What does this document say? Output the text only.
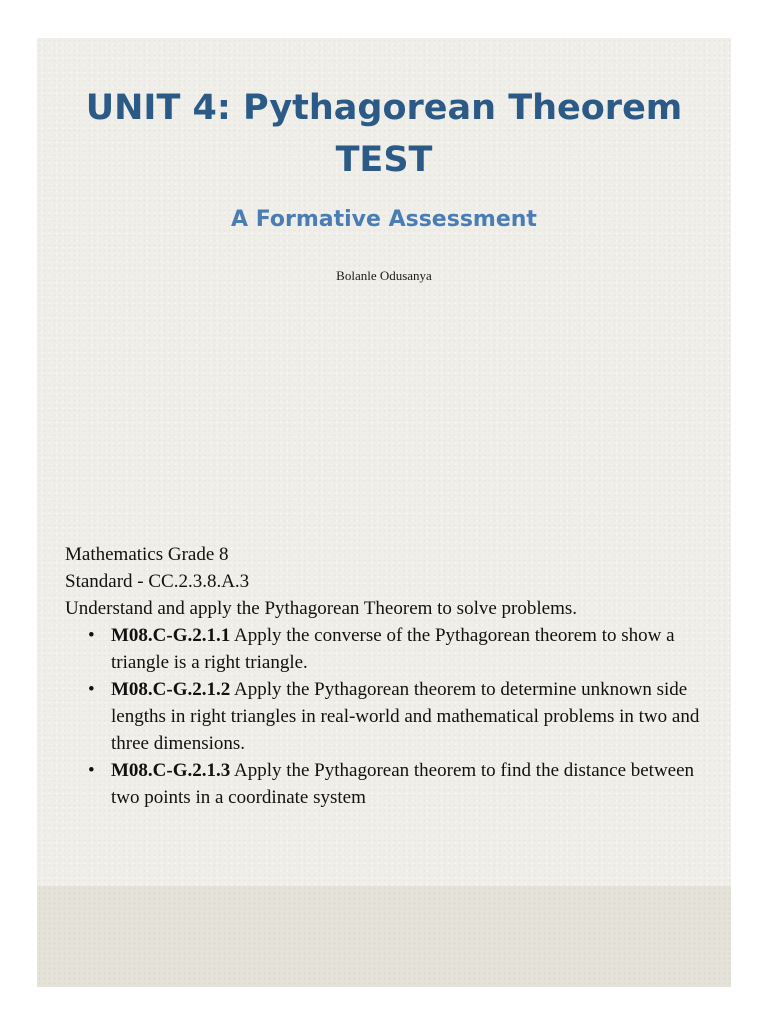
UNIT 4: Pythagorean Theorem
TEST
A Formative Assessment
Bolanle Odusanya
Mathematics Grade 8
Standard - CC.2.3.8.A.3
Understand and apply the Pythagorean Theorem to solve problems.
• M08.C-G.2.1.1 Apply the converse of the Pythagorean theorem to show a triangle is a right triangle.
• M08.C-G.2.1.2 Apply the Pythagorean theorem to determine unknown side lengths in right triangles in real-world and mathematical problems in two and three dimensions.
• M08.C-G.2.1.3 Apply the Pythagorean theorem to find the distance between two points in a coordinate system
